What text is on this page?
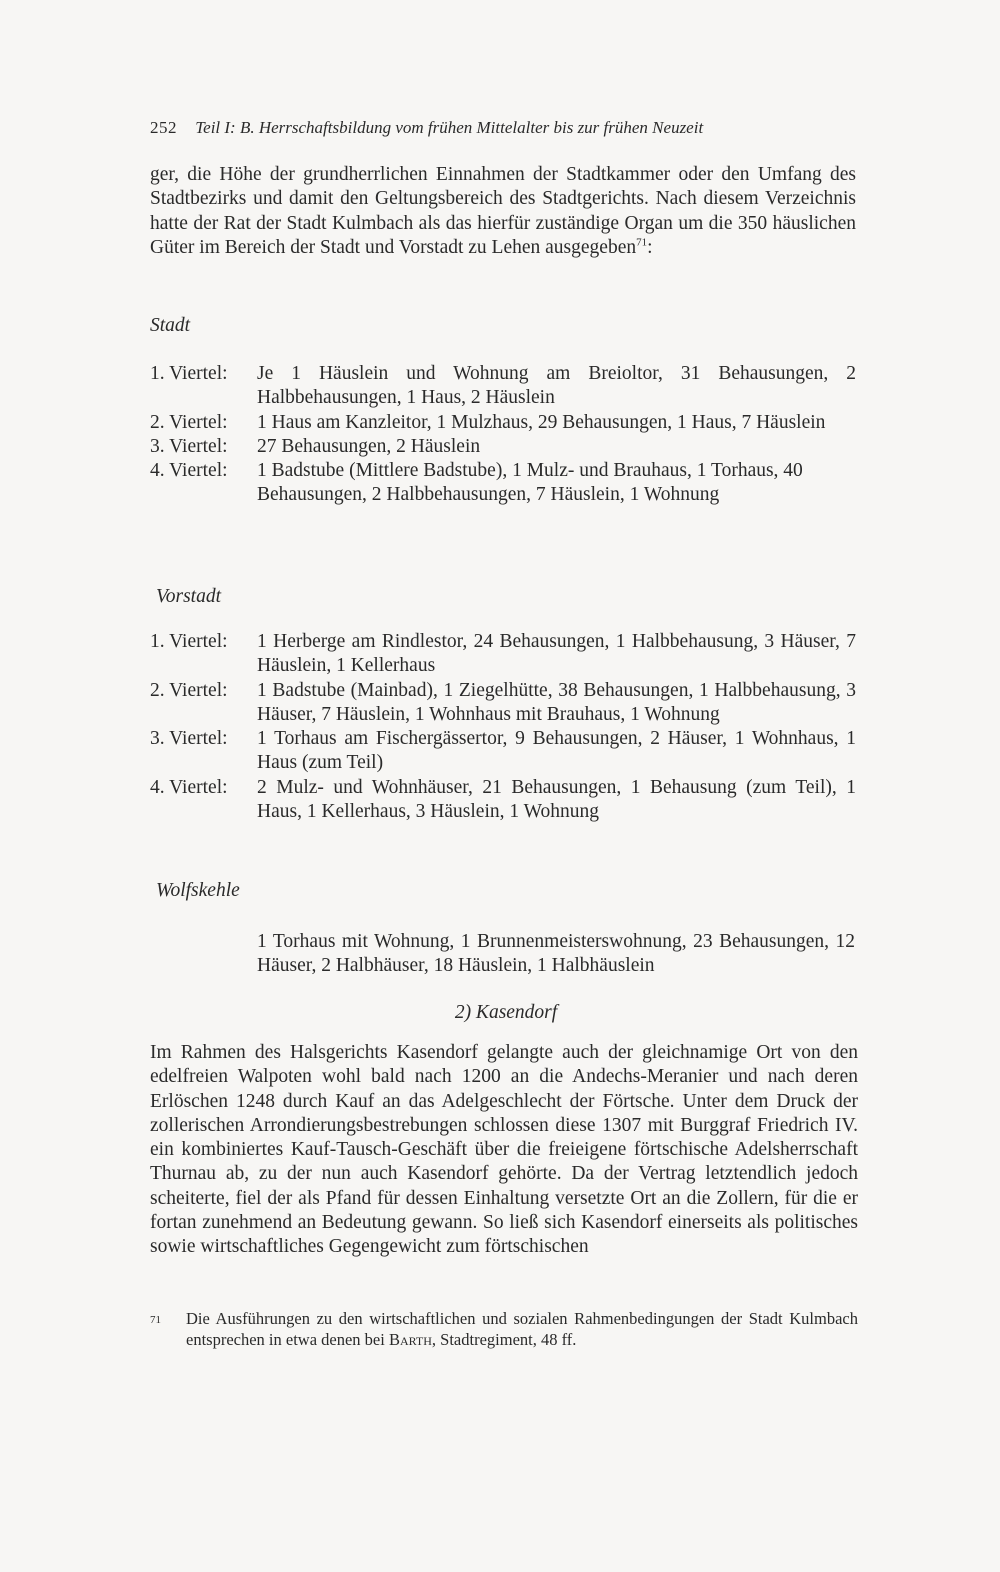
252 Teil I: B. Herrschaftsbildung vom frühen Mittelalter bis zur frühen Neuzeit

ger, die Höhe der grundherrlichen Einnahmen der Stadtkammer oder den Umfang des Stadtbezirks und damit den Geltungsbereich des Stadtgerichts. Nach diesem Verzeichnis hatte der Rat der Stadt Kulmbach als das hierfür zuständige Organ um die 350 häuslichen Güter im Bereich der Stadt und Vorstadt zu Lehen ausgegeben$^{71}$:

Stadt
1. Viertel:	Je 1 Häuslein und Wohnung am Breioltor, 31 Behausungen, 2 Halbbehausungen, 1 Haus, 2 Häuslein
2. Viertel:	1 Haus am Kanzleitor, 1 Mulzhaus, 29 Behausungen, 1 Haus, 7 Häuslein
3. Viertel:	27 Behausungen, 2 Häuslein
4. Viertel:	1 Badstube (Mittlere Badstube), 1 Mulz- und Brauhaus, 1 Torhaus, 40
Behausungen, 2 Halbbehausungen, 7 Häuslein, 1 Wohnung
Vorstadt
1. Viertel:	1 Herberge am Rindlestor, 24 Behausungen, 1 Halbbehausung, 3 Häuser, 7 Häuslein, 1 Kellerhaus
2. Viertel:	1 Badstube (Mainbad), 1 Ziegelhütte, 38 Behausungen, 1 Halbbehausung, 3 Häuser, 7 Häuslein, 1 Wohnhaus mit Brauhaus, 1 Wohnung
3. Viertel:	1 Torhaus am Fischergässertor, 9 Behausungen, 2 Häuser, 1 Wohnhaus, 1 Haus (zum Teil)
4. Viertel:	2 Mulz- und Wohnhäuser, 21 Behausungen, 1 Behausung (zum Teil), 1 Haus, 1 Kellerhaus, 3 Häuslein, 1 Wohnung
Wolfskehle
1 Torhaus mit Wohnung, 1 Brunnenmeisterswohnung, 23 Behausungen, 12 Häuser, 2 Halbhäuser, 18 Häuslein, 1 Halbhäuslein
2) Kasendorf

Im Rahmen des Halsgerichts Kasendorf gelangte auch der gleichnamige Ort von den edelfreien Walpoten wohl bald nach 1200 an die Andechs-Meranier und nach deren Erlöschen 1248 durch Kauf an das Adelgeschlecht der Förtsche. Unter dem Druck der zollerischen Arrondierungsbestrebungen schlossen diese 1307 mit Burggraf Friedrich IV. ein kombiniertes Kauf-Tausch-Geschäft über die freieigene förtschische Adelsherrschaft Thurnau ab, zu der nun auch Kasendorf gehörte. Da der Vertrag letztendlich jedoch scheiterte, fiel der als Pfand für dessen Einhaltung versetzte Ort an die Zollern, für die er fortan zunehmend an Bedeutung gewann. So ließ sich Kasendorf einerseits als politisches sowie wirtschaftliches Gegengewicht zum förtschischen

71	Die Ausführungen zu den wirtschaftlichen und sozialen Rahmenbedingungen der Stadt Kulmbach entsprechen in etwa denen bei Barth, Stadtregiment, 48 ff.
